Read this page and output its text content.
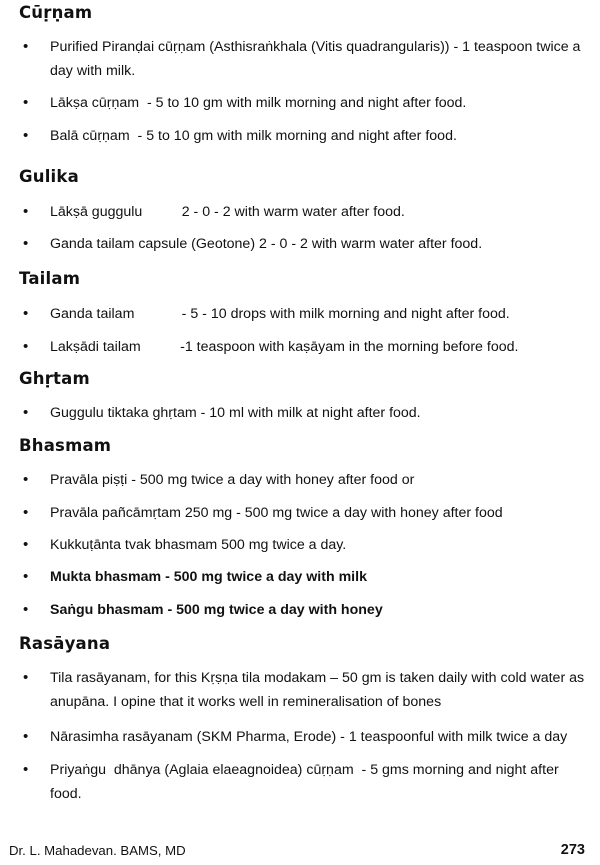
Cūṛṇam
•	Purified Piranḍai cūṛṇam (Asthisraṅkhala (Vitis quadrangularis)) - 1 teaspoon twice a day with milk.
•	Lākṣa cūṛṇam  - 5 to 10 gm with milk morning and night after food.
•	Balā cūṛṇam  - 5 to 10 gm with milk morning and night after food.
Gulika
•	Lākṣā guggulu          2 - 0 - 2 with warm water after food.
•	Ganda tailam capsule (Geotone) 2 - 0 - 2 with warm water after food.
Tailam
•	Ganda tailam            - 5 - 10 drops with milk morning and night after food.
•	Lakṣādi tailam          -1 teaspoon with kaṣāyam in the morning before food.
Ghṛtam
•	Guggulu tiktaka ghṛtam - 10 ml with milk at night after food.
Bhasmam
•	Pravāla piṣṭi - 500 mg twice a day with honey after food or
•	Pravāla pañcāmṛtam 250 mg - 500 mg twice a day with honey after food
•	Kukkuṭānta tvak bhasmam 500 mg twice a day.
•	Mukta bhasmam - 500 mg twice a day with milk
•	Saṅgu bhasmam - 500 mg twice a day with honey
Rasāyana
•	Tila rasāyanam, for this Kṛṣṇa tila modakam – 50 gm is taken daily with cold water as anupāna. I opine that it works well in remineralisation of bones
•	Nārasimha rasāyanam (SKM Pharma, Erode) - 1 teaspoonful with milk twice a day
•	Priyaṅgu  dhānya (Aglaia elaeagnoidea) cūṛṇam  - 5 gms morning and night after food.
Dr. L. Mahadevan. BAMS, MD	273
